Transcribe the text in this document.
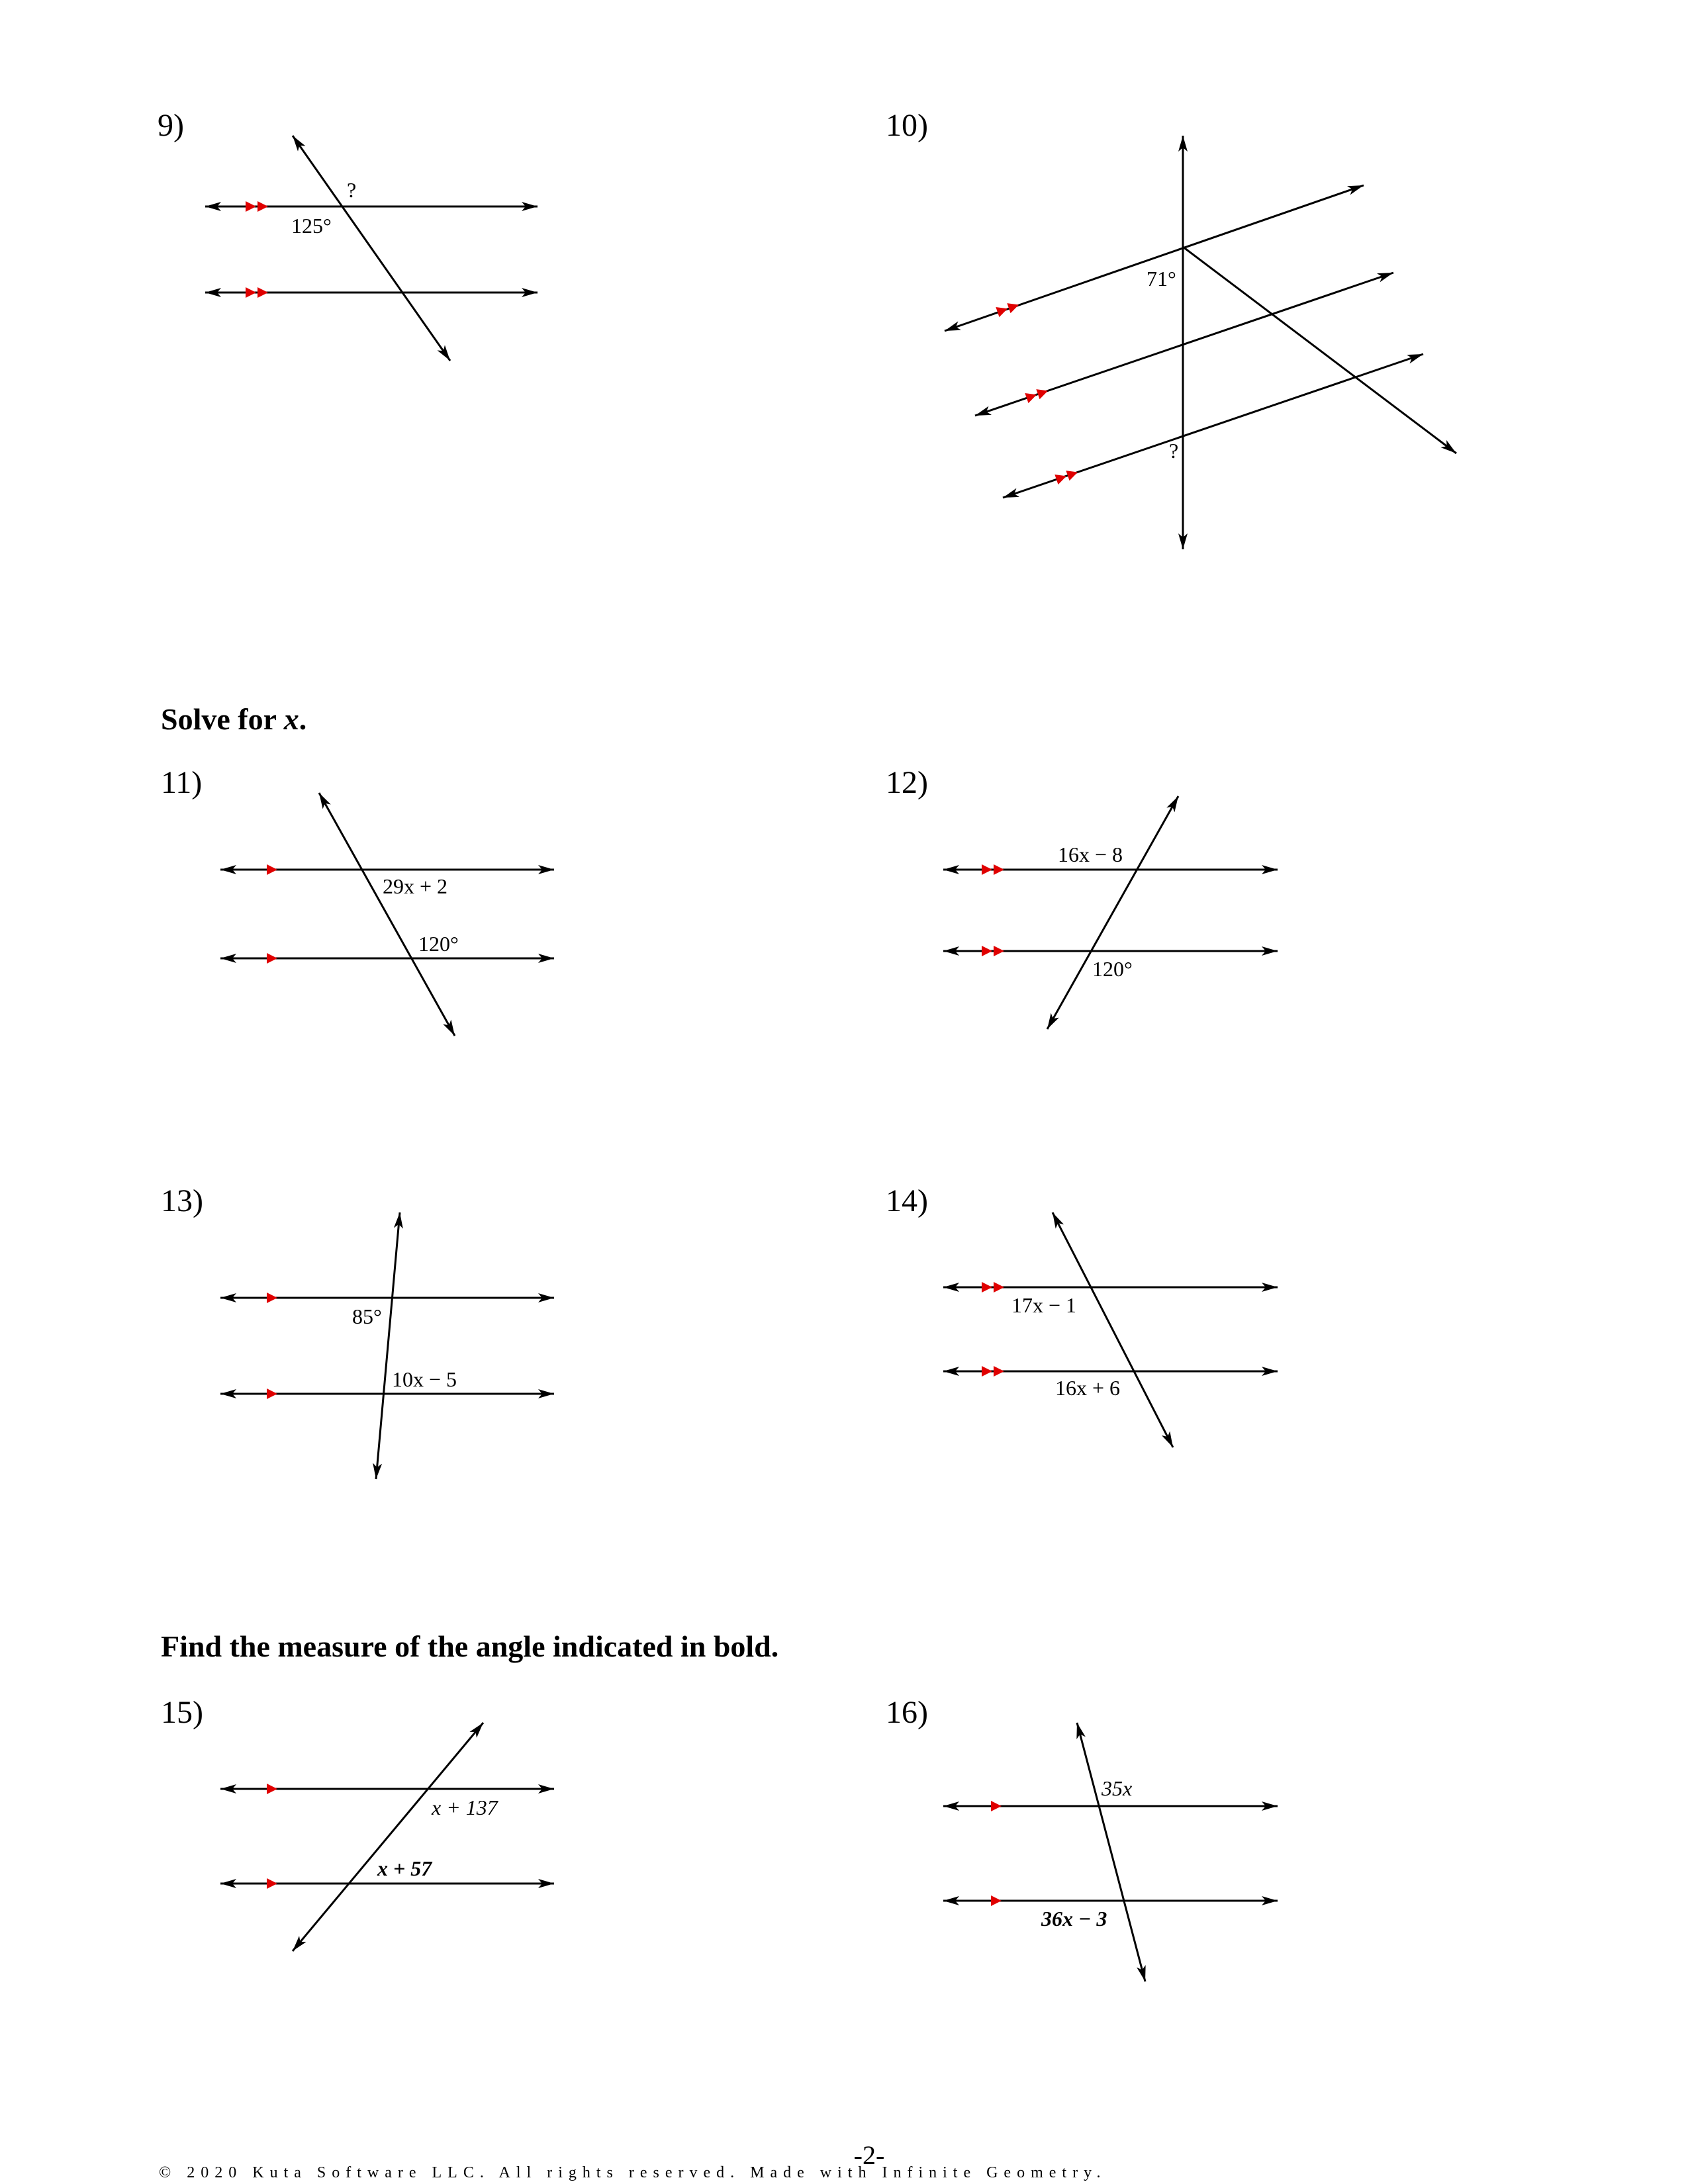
9)
?
125°
10)
71°
?
Solve for x.
11)
29x + 2
120°
12)
16x − 8
120°
13)
85°
10x − 5
14)
17x − 1
16x + 6
Find the measure of the angle indicated in bold.
15)
x + 137
x + 57
16)
35x
36x − 3
© 2020 Kuta Software LLC. All rights reserved. Made with Infinite Geometry.
-2-
